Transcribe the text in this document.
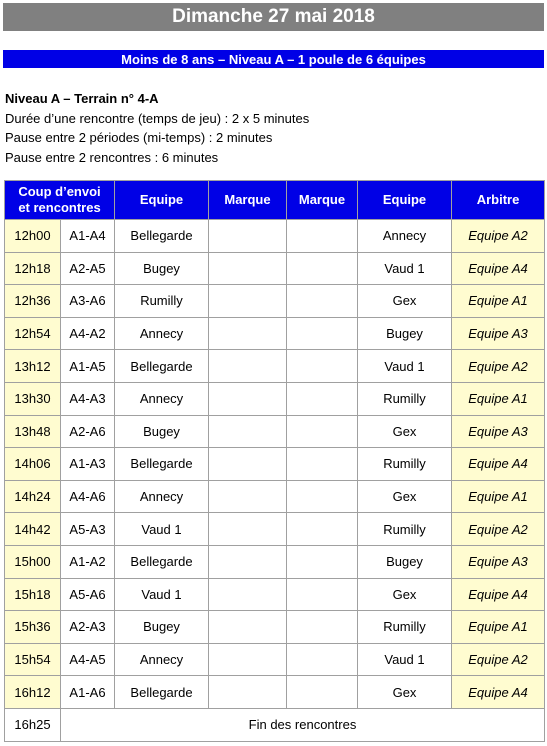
Dimanche 27 mai 2018
Moins de 8 ans – Niveau A – 1 poule de 6 équipes
Niveau A – Terrain n° 4-A
Durée d’une rencontre (temps de jeu) : 2 x 5 minutes
Pause entre 2 périodes (mi-temps) : 2 minutes
Pause entre 2 rencontres : 6 minutes
Coup d’envoi
et rencontres		Equipe	Marque	Marque	Equipe	Arbitre
12h00	A1-A4	Bellegarde			Annecy	Equipe A2
12h18	A2-A5	Bugey			Vaud 1	Equipe A4
12h36	A3-A6	Rumilly			Gex	Equipe A1
12h54	A4-A2	Annecy			Bugey	Equipe A3
13h12	A1-A5	Bellegarde			Vaud 1	Equipe A2
13h30	A4-A3	Annecy			Rumilly	Equipe A1
13h48	A2-A6	Bugey			Gex	Equipe A3
14h06	A1-A3	Bellegarde			Rumilly	Equipe A4
14h24	A4-A6	Annecy			Gex	Equipe A1
14h42	A5-A3	Vaud 1			Rumilly	Equipe A2
15h00	A1-A2	Bellegarde			Bugey	Equipe A3
15h18	A5-A6	Vaud 1			Gex	Equipe A4
15h36	A2-A3	Bugey			Rumilly	Equipe A1
15h54	A4-A5	Annecy			Vaud 1	Equipe A2
16h12	A1-A6	Bellegarde			Gex	Equipe A4
16h25	Fin des rencontres					
